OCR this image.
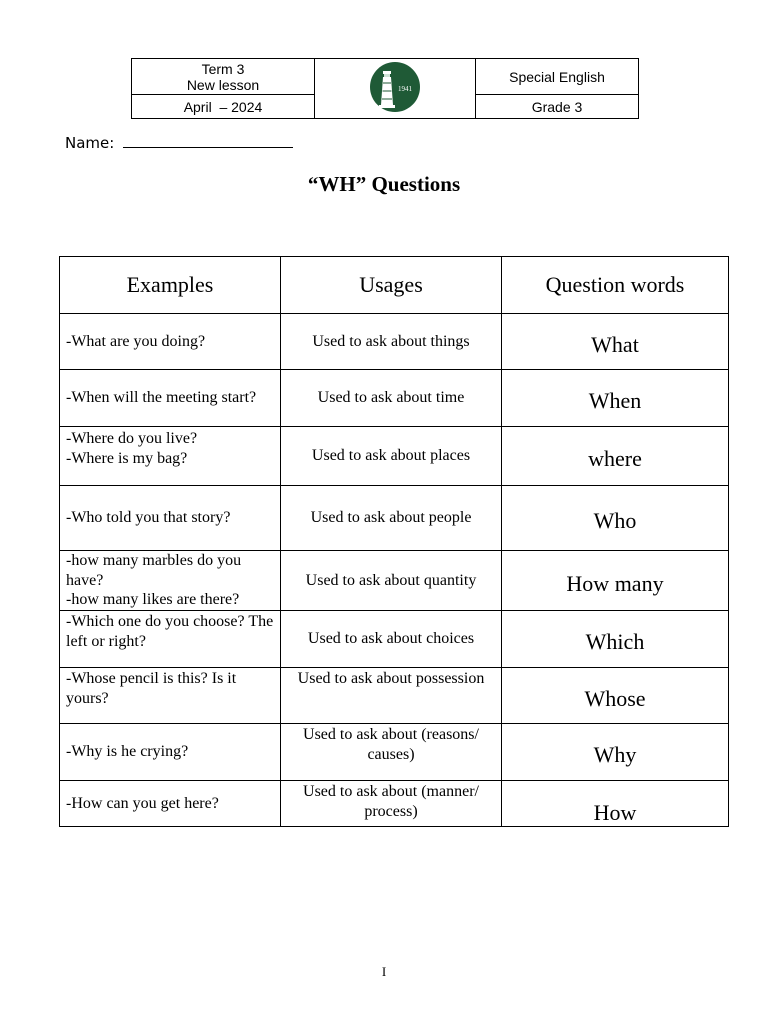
Term 3
New lesson	1941	Special English
April  – 2024		Grade 3
Name:
“WH” Questions
Examples	Usages	Question words
-What are you doing?	Used to ask about things	What
-When will the meeting start?	Used to ask about time	When
-Where do you live?
-Where is my bag?	Used to ask about places	where
-Who told you that story?	Used to ask about people	Who
-how many marbles do you have?
-how many likes are there?	Used to ask about quantity	How many
-Which one do you choose? The left or right?	Used to ask about choices	Which
-Whose pencil is this? Is it yours?	Used to ask about possession	Whose
-Why is he crying?	Used to ask about (reasons/ causes)	Why
-How can you get here?	Used to ask about (manner/ process)	How
I
